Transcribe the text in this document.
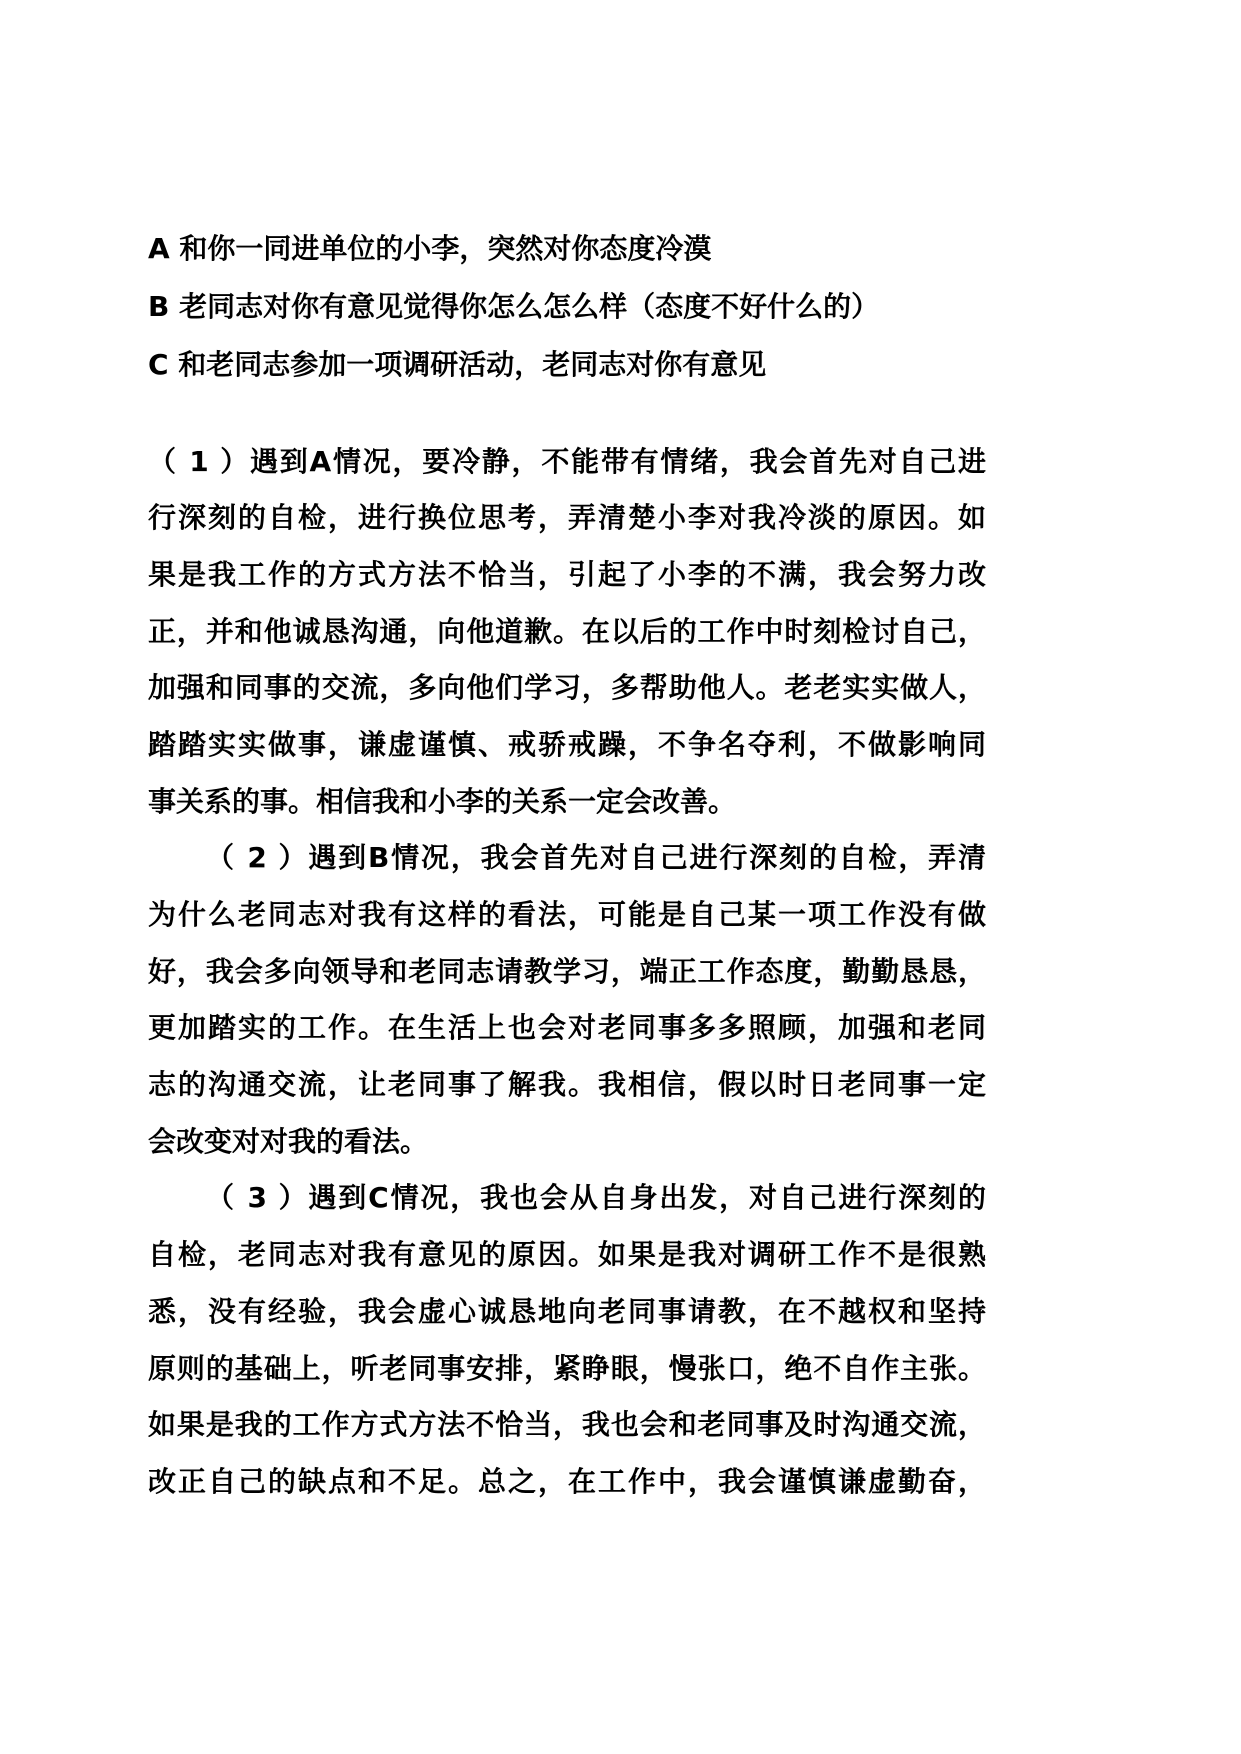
A 和你一同进单位的小李，突然对你态度冷漠
B 老同志对你有意见觉得你怎么怎么样（态度不好什么的）
C 和老同志参加一项调研活动，老同志对你有意见
（ 1 ）遇到A情况，要冷静，不能带有情绪，我会首先对自己进
行深刻的自检，进行换位思考，弄清楚小李对我冷淡的原因。如
果是我工作的方式方法不恰当，引起了小李的不满，我会努力改
正，并和他诚恳沟通，向他道歉。在以后的工作中时刻检讨自己，
加强和同事的交流，多向他们学习，多帮助他人。老老实实做人，
踏踏实实做事，谦虚谨慎、戒骄戒躁，不争名夺利，不做影响同
事关系的事。相信我和小李的关系一定会改善。
（ 2 ）遇到B情况，我会首先对自己进行深刻的自检，弄清
为什么老同志对我有这样的看法，可能是自己某一项工作没有做
好，我会多向领导和老同志请教学习，端正工作态度，勤勤恳恳，
更加踏实的工作。在生活上也会对老同事多多照顾，加强和老同
志的沟通交流，让老同事了解我。我相信，假以时日老同事一定
会改变对对我的看法。
（ 3 ）遇到C情况，我也会从自身出发，对自己进行深刻的
自检，老同志对我有意见的原因。如果是我对调研工作不是很熟
悉，没有经验，我会虚心诚恳地向老同事请教，在不越权和坚持
原则的基础上，听老同事安排，紧睁眼，慢张口，绝不自作主张。
如果是我的工作方式方法不恰当，我也会和老同事及时沟通交流，
改正自己的缺点和不足。总之，在工作中，我会谨慎谦虚勤奋，
